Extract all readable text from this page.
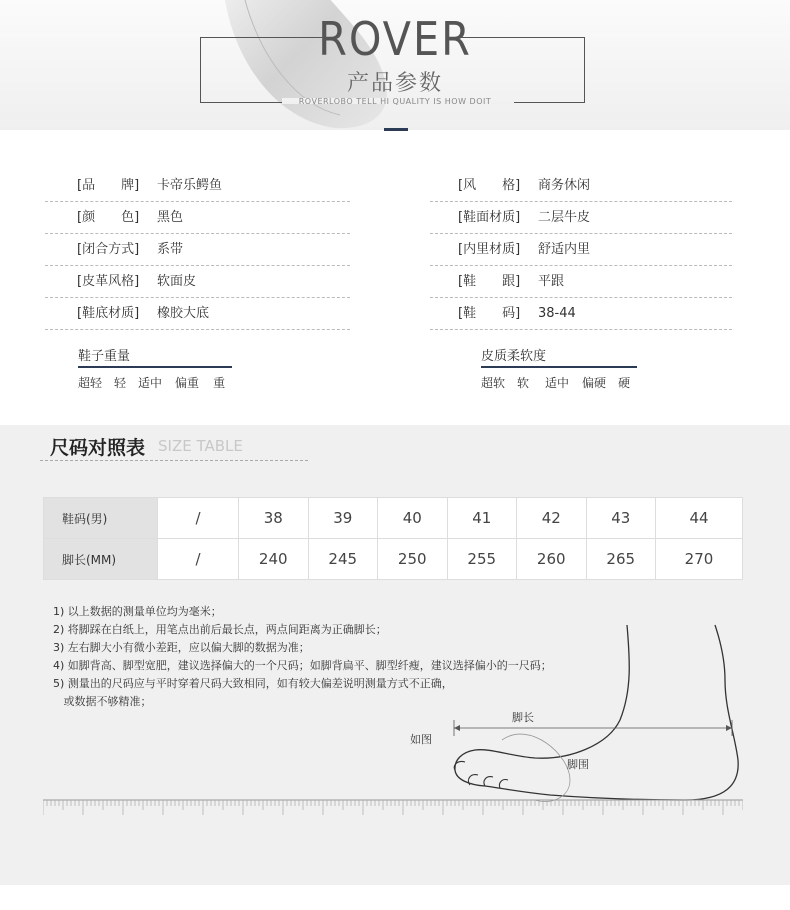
ROVER
产品参数
ROVERLOBO TELL HI QUALITY IS HOW DOIT
[品　　牌] 卡帝乐鳄鱼
[颜　　色] 黑色
[闭合方式] 系带
[皮革风格] 软面皮
[鞋底材质] 橡胶大底
[风　　格] 商务休闲
[鞋面材质] 二层牛皮
[内里材质] 舒适内里
[鞋　　跟] 平跟
[鞋　　码] 38-44
鞋子重量
超轻 轻 适中 偏重 重
皮质柔软度
超软 软 适中 偏硬 硬
尺码对照表 SIZE TABLE
鞋码(男)	/	38	39	40	41	42	43	44
脚长(MM)	/	240	245	250	255	260	265	270
1) 以上数据的测量单位均为毫米；
2) 将脚踩在白纸上，用笔点出前后最长点，两点间距离为正确脚长；
3) 左右脚大小有微小差距，应以偏大脚的数据为准；
4) 如脚背高、脚型宽肥，建议选择偏大的一个尺码；如脚背扁平、脚型纤瘦，建议选择偏小的一尺码；
5) 测量出的尺码应与平时穿着尺码大致相同，如有较大偏差说明测量方式不正确，
或数据不够精准；
脚长
如图
脚围
